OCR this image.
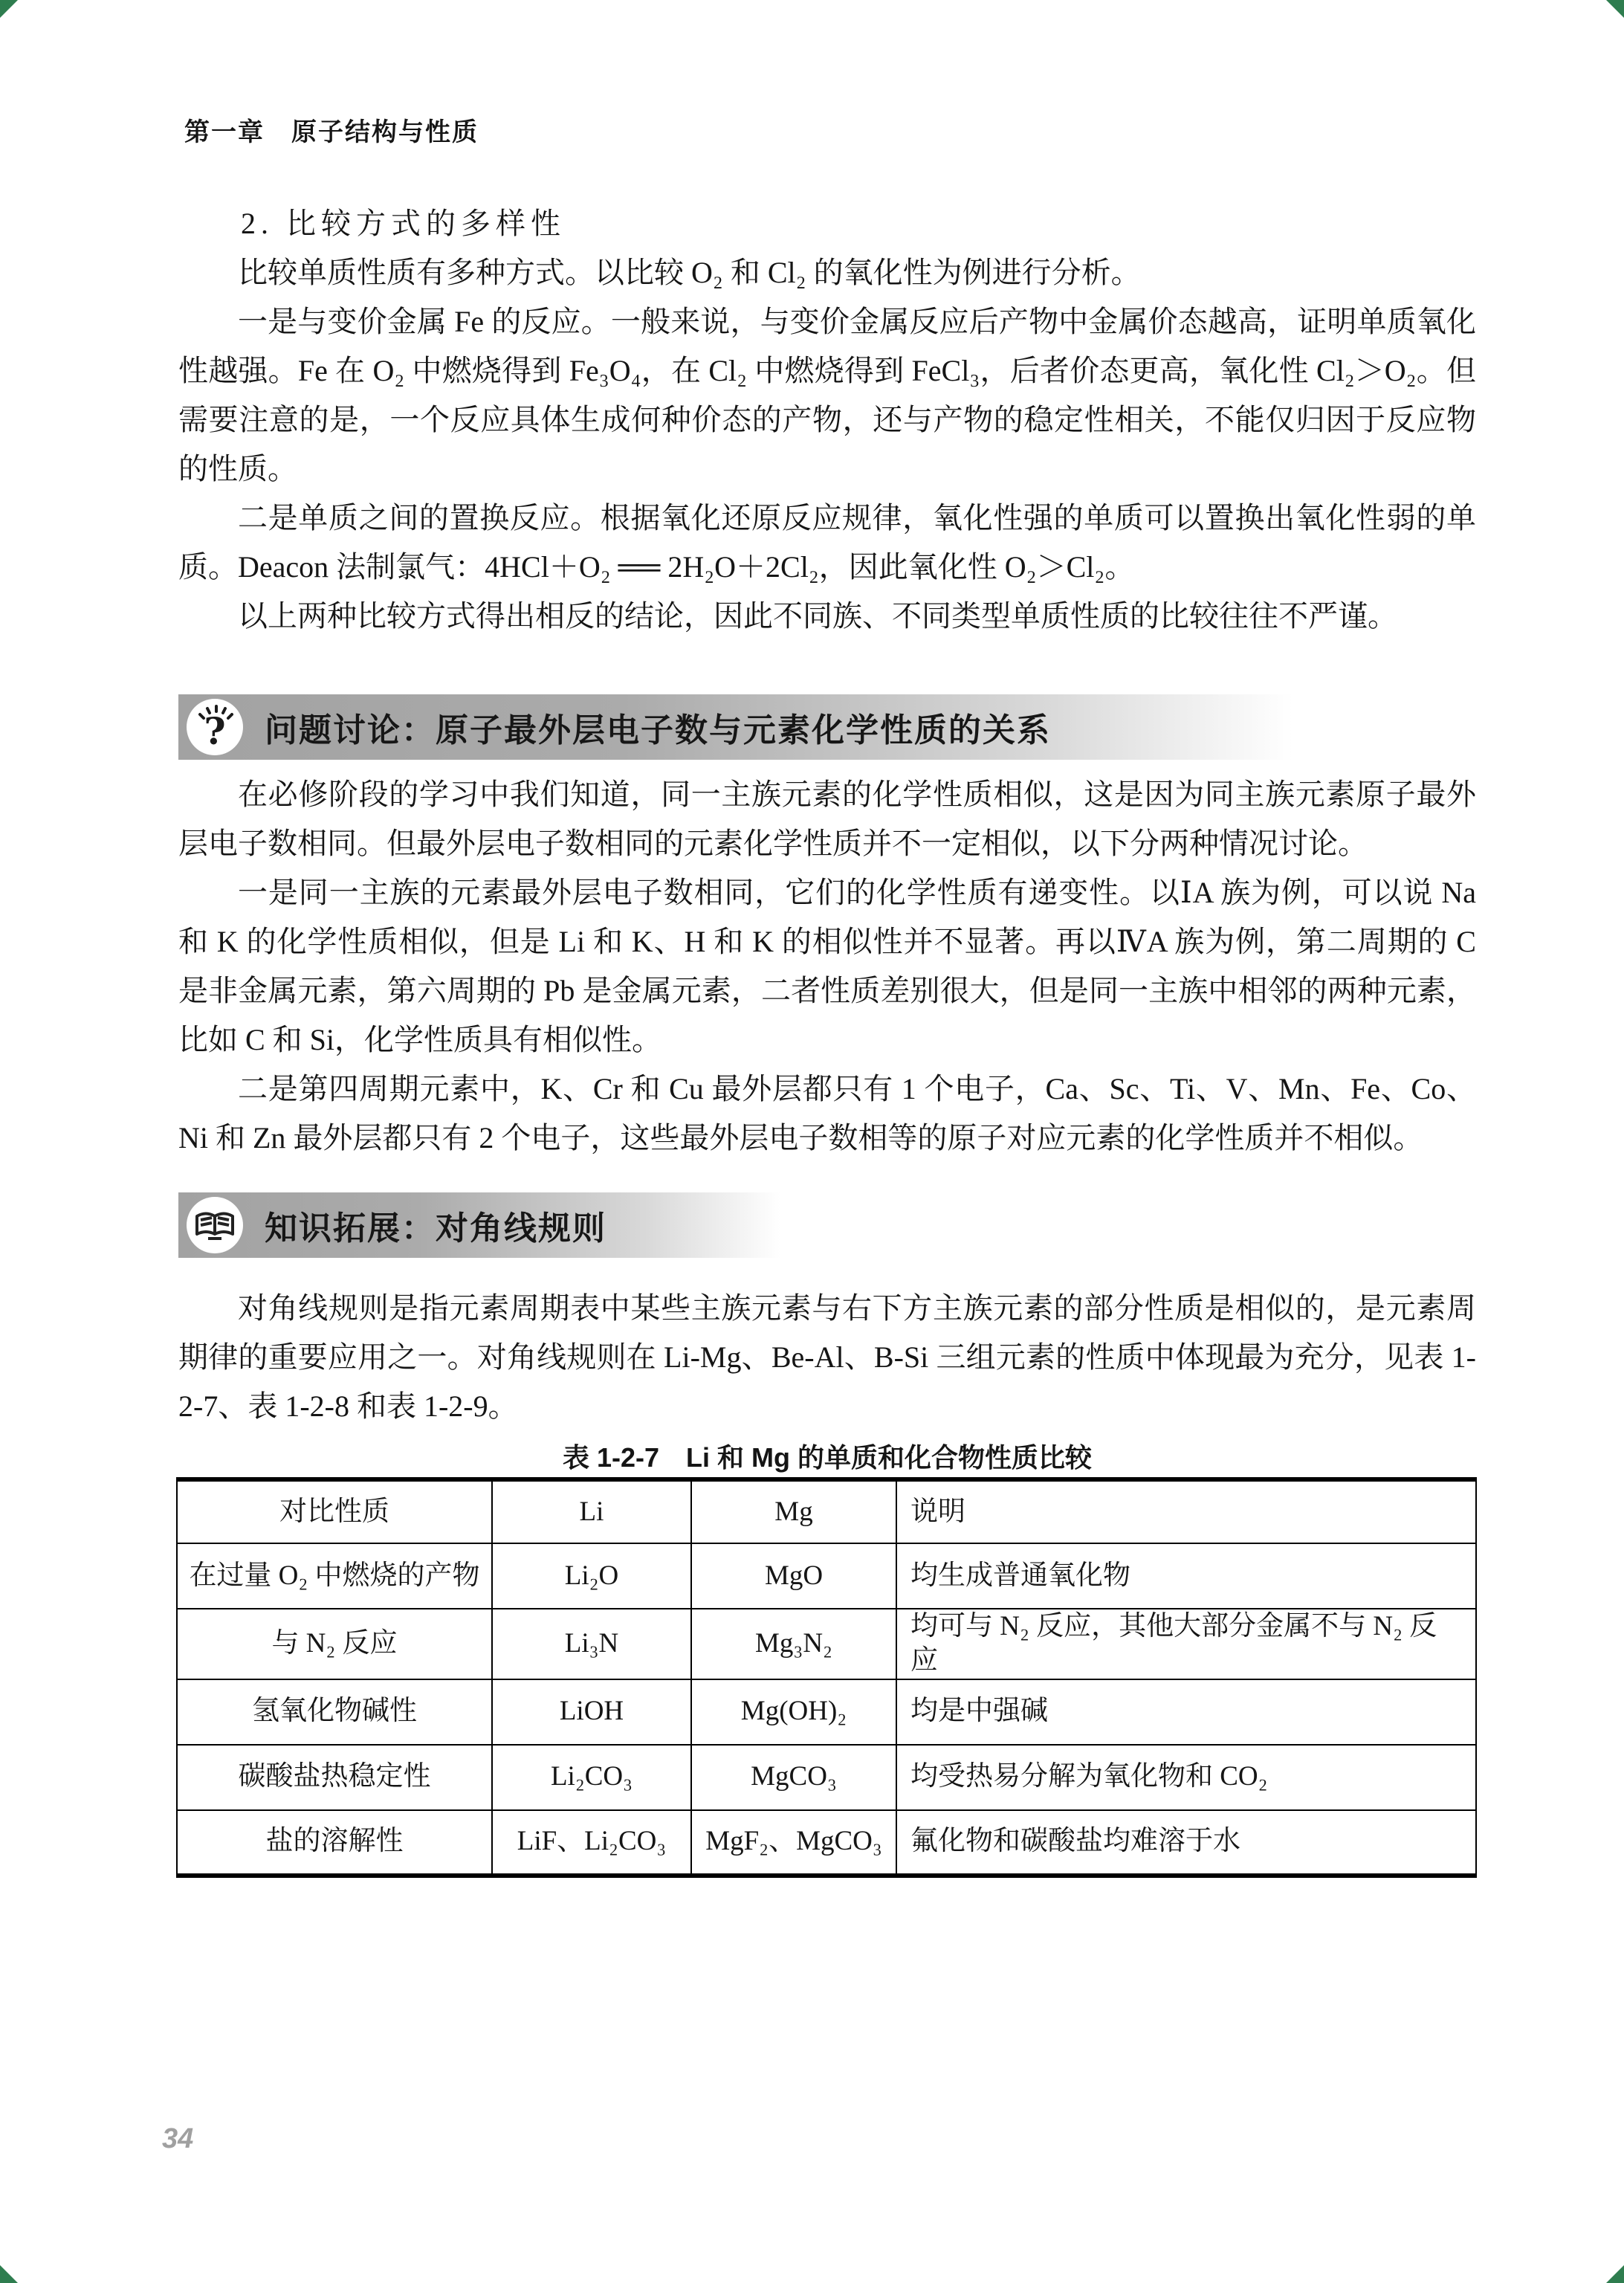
第一章　原子结构与性质
2. 比较方式的多样性

比较单质性质有多种方式。以比较 O₂ 和 Cl₂ 的氧化性为例进行分析。

一是与变价金属 Fe 的反应。一般来说，与变价金属反应后产物中金属价态越高，证明单质氧化性越强。Fe 在 O₂ 中燃烧得到 Fe₃O₄，在 Cl₂ 中燃烧得到 FeCl₃，后者价态更高，氧化性 Cl₂＞O₂。但需要注意的是，一个反应具体生成何种价态的产物，还与产物的稳定性相关，不能仅归因于反应物的性质。

二是单质之间的置换反应。根据氧化还原反应规律，氧化性强的单质可以置换出氧化性弱的单质。Deacon 法制氯气：4HCl＋O₂ ══ 2H₂O＋2Cl₂，因此氧化性 O₂＞Cl₂。

以上两种比较方式得出相反的结论，因此不同族、不同类型单质性质的比较往往不严谨。

? 问题讨论：原子最外层电子数与元素化学性质的关系

在必修阶段的学习中我们知道，同一主族元素的化学性质相似，这是因为同主族元素原子最外层电子数相同。但最外层电子数相同的元素化学性质并不一定相似，以下分两种情况讨论。

一是同一主族的元素最外层电子数相同，它们的化学性质有递变性。以ⅠA 族为例，可以说 Na 和 K 的化学性质相似，但是 Li 和 K、H 和 K 的相似性并不显著。再以ⅣA 族为例，第二周期的 C 是非金属元素，第六周期的 Pb 是金属元素，二者性质差别很大，但是同一主族中相邻的两种元素，比如 C 和 Si，化学性质具有相似性。

二是第四周期元素中，K、Cr 和 Cu 最外层都只有 1 个电子，Ca、Sc、Ti、V、Mn、Fe、Co、Ni 和 Zn 最外层都只有 2 个电子，这些最外层电子数相等的原子对应元素的化学性质并不相似。

知识拓展：对角线规则

对角线规则是指元素周期表中某些主族元素与右下方主族元素的部分性质是相似的，是元素周期律的重要应用之一。对角线规则在 Li-Mg、Be-Al、B-Si 三组元素的性质中体现最为充分，见表 1-2-7、表 1-2-8 和表 1-2-9。

表 1-2-7　Li 和 Mg 的单质和化合物性质比较
对比性质	Li	Mg	说明
在过量 O₂ 中燃烧的产物	Li₂O	MgO	均生成普通氧化物
与 N₂ 反应	Li₃N	Mg₃N₂	均可与 N₂ 反应，其他大部分金属不与 N₂ 反应
氢氧化物碱性	LiOH	Mg(OH)₂	均是中强碱
碳酸盐热稳定性	Li₂CO₃	MgCO₃	均受热易分解为氧化物和 CO₂
盐的溶解性	LiF、Li₂CO₃	MgF₂、MgCO₃	氟化物和碳酸盐均难溶于水
34
